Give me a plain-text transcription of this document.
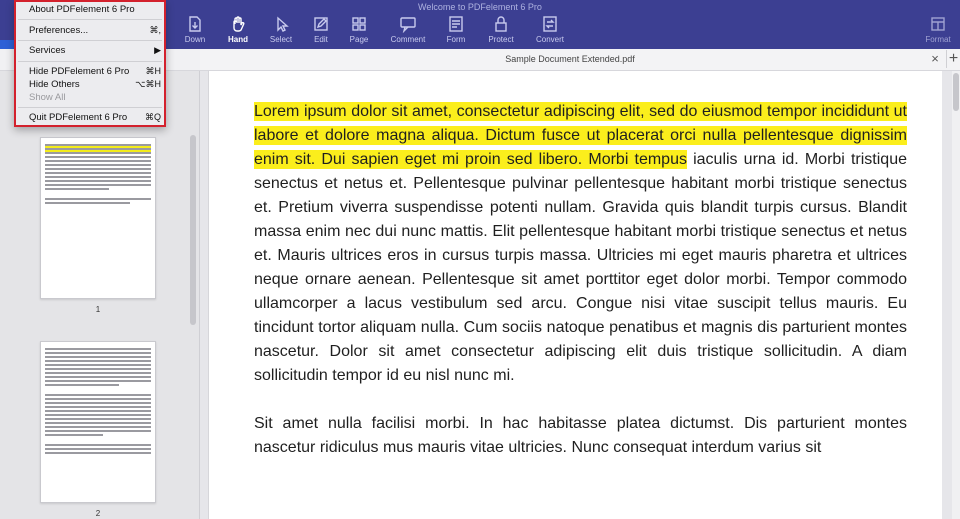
Welcome to PDFelement 6 Pro
Down	Hand	Select	Edit	Page	Comment	Form	Protect	Convert	Format
1
2
Sample Document Extended.pdf	× +

Lorem ipsum dolor sit amet, consectetur adipiscing elit, sed do eiusmod tempor incididunt ut labore et dolore magna aliqua. Dictum fusce ut placerat orci nulla pellentesque dignissim enim sit. Dui sapien eget mi proin sed libero. Morbi tempus iaculis urna id. Morbi tristique senectus et netus et. Pellentesque pulvinar pellentesque habitant morbi tristique senectus et. Pretium viverra suspendisse potenti nullam. Gravida quis blandit turpis cursus. Blandit massa enim nec dui nunc mattis. Elit pellentesque habitant morbi tristique senectus et netus et. Mauris ultrices eros in cursus turpis massa. Ultricies mi eget mauris pharetra et ultrices neque ornare aenean. Pellentesque sit amet porttitor eget dolor morbi. Tempor commodo ullamcorper a lacus vestibulum sed arcu. Congue nisi vitae suscipit tellus mauris. Eu tincidunt tortor aliquam nulla. Cum sociis natoque penatibus et magnis dis parturient montes nascetur. Dolor sit amet consectetur adipiscing elit duis tristique sollicitudin. A diam sollicitudin tempor id eu nisl nunc mi.

Sit amet nulla facilisi morbi. In hac habitasse platea dictumst. Dis parturient montes nascetur ridiculus mus mauris vitae ultricies. Nunc consequat interdum varius sit

About PDFelement 6 Pro
Preferences...	⌘,
Services	▶
Hide PDFelement 6 Pro ⌘H
Hide Others	⌥⌘H
Show All
Quit PDFelement 6 Pro ⌘Q
